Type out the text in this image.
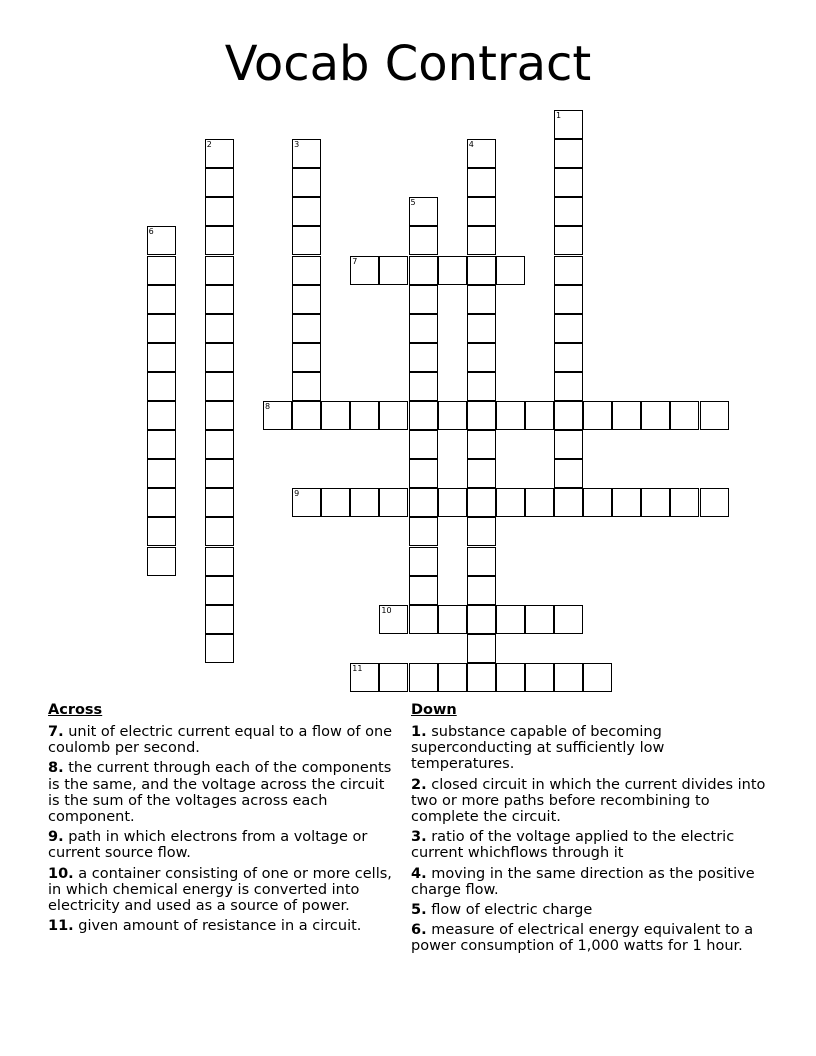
Vocab Contract
1
2	3	4
5
6
7
8
9
10
11
Across
7. unit of electric current equal to a flow of one coulomb per second.
8. the current through each of the components is the same, and the voltage across the circuit is the sum of the voltages across each component.
9. path in which electrons from a voltage or current source flow.
10. a container consisting of one or more cells, in which chemical energy is converted into electricity and used as a source of power.
11. given amount of resistance in a circuit.
Down
1. substance capable of becoming superconducting at sufficiently low temperatures.
2. closed circuit in which the current divides into two or more paths before recombining to complete the circuit.
3. ratio of the voltage applied to the electric current whichflows through it
4. moving in the same direction as the positive charge flow.
5. flow of electric charge
6. measure of electrical energy equivalent to a power consumption of 1,000 watts for 1 hour.
